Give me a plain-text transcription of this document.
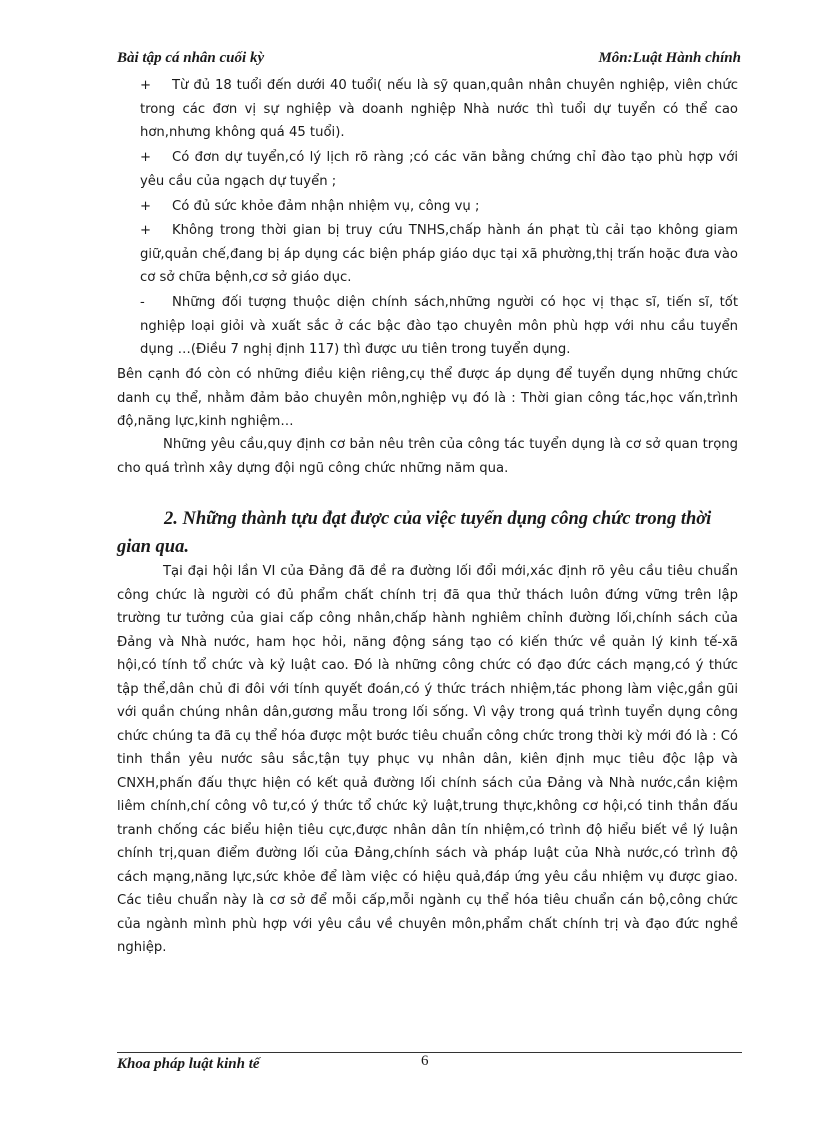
Bài tập cá nhân cuối kỳ	Môn:Luật Hành chính
+	Từ đủ 18 tuổi đến dưới 40 tuổi( nếu là sỹ quan,quân nhân chuyên nghiệp, viên chức trong các đơn vị sự nghiệp và doanh nghiệp Nhà nước thì tuổi dự tuyển có thể cao hơn,nhưng không quá 45 tuổi).
+	Có đơn dự tuyển,có lý lịch rõ ràng ;có các văn bằng chứng chỉ đào tạo phù hợp với yêu cầu của ngạch dự tuyển ;
+	Có đủ sức khỏe đảm nhận nhiệm vụ, công vụ ;
+	Không trong thời gian bị truy cứu TNHS,chấp hành án phạt tù cải tạo không giam giữ,quản chế,đang bị áp dụng các biện pháp giáo dục tại xã phường,thị trấn hoặc đưa vào cơ sở chữa bệnh,cơ sở giáo dục.
-	Những đối tượng thuộc diện chính sách,những người có học vị thạc sĩ, tiến sĩ, tốt nghiệp loại giỏi và xuất sắc ở các bậc đào tạo chuyên môn phù hợp với nhu cầu tuyển dụng …(Điều 7 nghị định 117) thì được ưu tiên trong tuyển dụng.
Bên cạnh đó còn có những điều kiện riêng,cụ thể được áp dụng để tuyển dụng những chức danh cụ thể, nhằm đảm bảo chuyên môn,nghiệp vụ đó là : Thời gian công tác,học vấn,trình độ,năng lực,kinh nghiệm…
Những yêu cầu,quy định cơ bản nêu trên của công tác tuyển dụng là cơ sở quan trọng cho quá trình xây dựng đội ngũ công chức những năm qua.
2. Những thành tựu đạt được của việc tuyển dụng công chức trong thời gian qua.
Tại đại hội lần VI của Đảng đã đề ra đường lối đổi mới,xác định rõ yêu cầu tiêu chuẩn công chức là người có đủ phẩm chất chính trị đã qua thử thách luôn đứng vững trên lập trường tư tưởng của giai cấp công nhân,chấp hành nghiêm chỉnh đường lối,chính sách của Đảng và Nhà nước, ham học hỏi, năng động sáng tạo có kiến thức về quản lý kinh tế-xã hội,có tính tổ chức và kỷ luật cao. Đó là những công chức có đạo đức cách mạng,có ý thức tập thể,dân chủ đi đôi với tính quyết đoán,có ý thức trách nhiệm,tác phong làm việc,gần gũi với quần chúng nhân dân,gương mẫu trong lối sống. Vì vậy trong quá trình tuyển dụng công chức chúng ta đã cụ thể hóa được một bước tiêu chuẩn công chức trong thời kỳ mới đó là : Có tinh thần yêu nước sâu sắc,tận tụy phục vụ nhân dân, kiên định mục tiêu độc lập và CNXH,phấn đấu thực hiện có kết quả đường lối chính sách của Đảng và Nhà nước,cần kiệm liêm chính,chí công vô tư,có ý thức tổ chức kỷ luật,trung thực,không cơ hội,có tinh thần đấu tranh chống các biểu hiện tiêu cực,được nhân dân tín nhiệm,có trình độ hiểu biết về lý luận chính trị,quan điểm đường lối của Đảng,chính sách và pháp luật của Nhà nước,có trình độ cách mạng,năng lực,sức khỏe để làm việc có hiệu quả,đáp ứng yêu cầu nhiệm vụ được giao. Các tiêu chuẩn này là cơ sở để mỗi cấp,mỗi ngành cụ thể hóa tiêu chuẩn cán bộ,công chức của ngành mình phù hợp với yêu cầu về chuyên môn,phẩm chất chính trị và đạo đức nghề nghiệp.
Khoa pháp luật kinh tế	6
